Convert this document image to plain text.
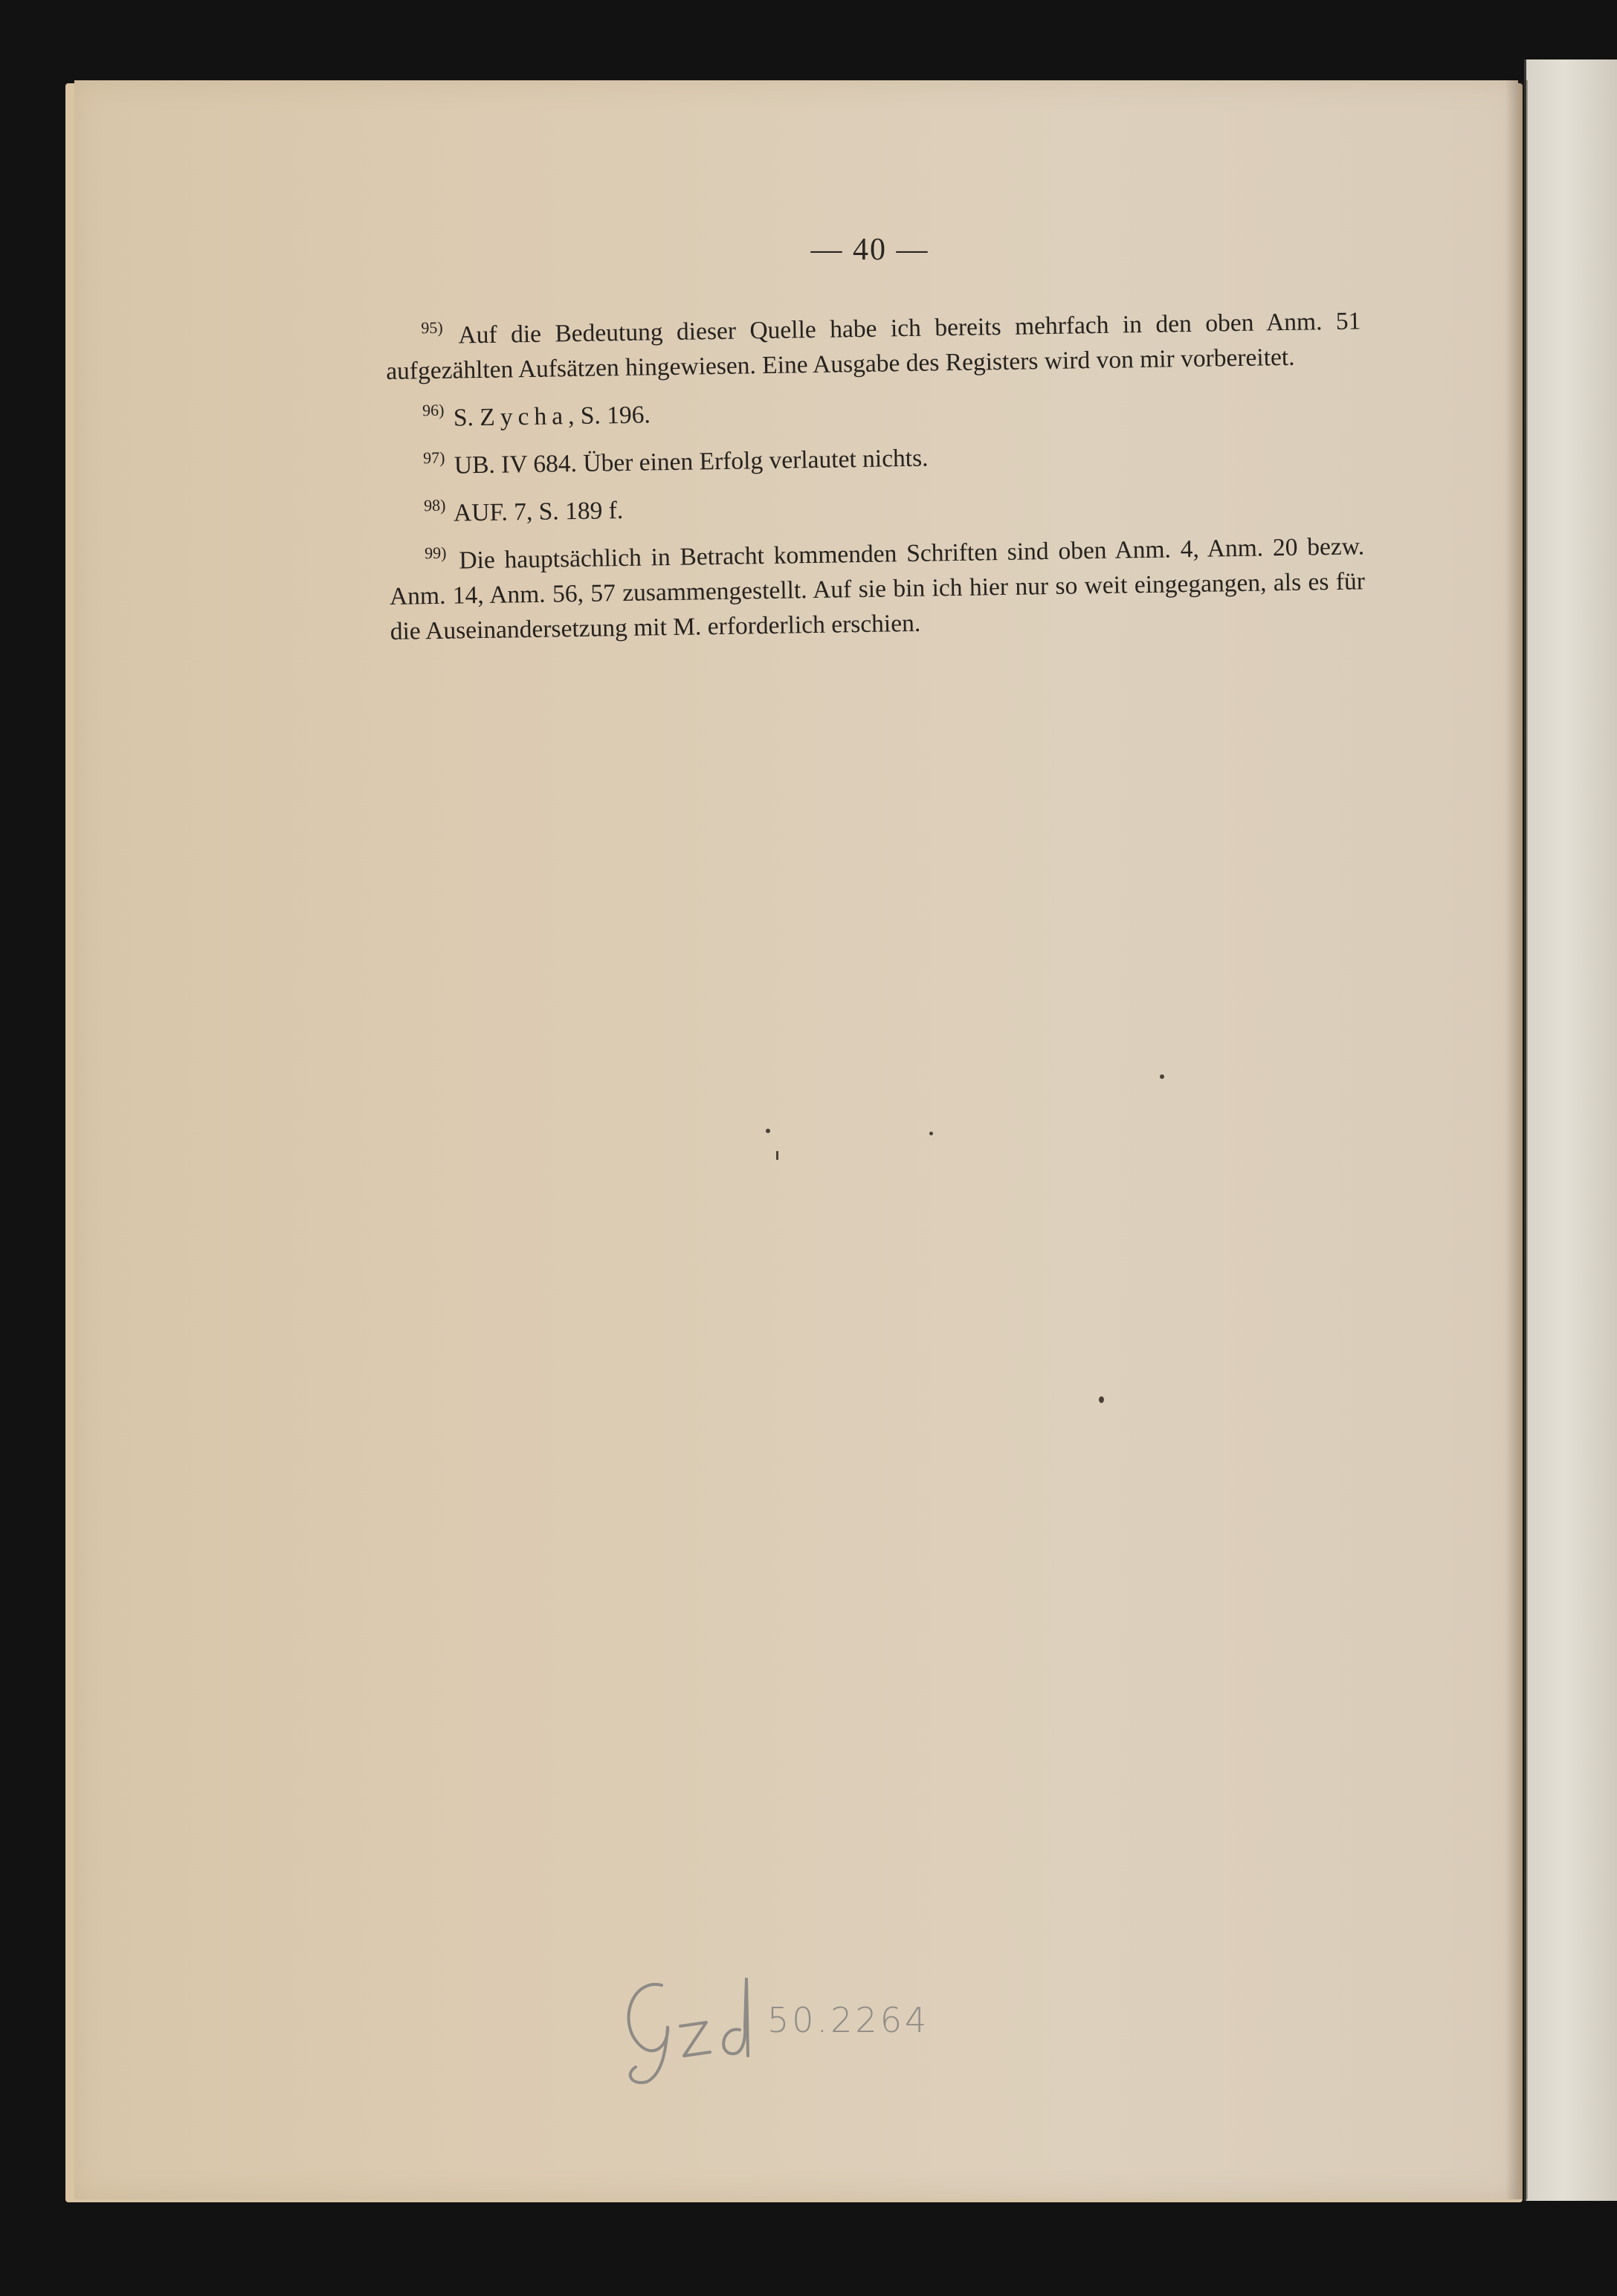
— 40 —

$^{95)}$ Auf die Bedeutung dieser Quelle habe ich bereits mehrfach in den oben Anm. 51 aufgezählten Aufsätzen hingewiesen. Eine Ausgabe des Registers wird von mir vorbereitet.

$^{96)}$ S. Zycha, S. 196.

$^{97)}$ UB. IV 684. Über einen Erfolg verlautet nichts.

$^{98)}$ AUF. 7, S. 189 f.

$^{99)}$ Die hauptsächlich in Betracht kommenden Schriften sind oben Anm. 4, Anm. 20 bezw. Anm. 14, Anm. 56, 57 zusammengestellt. Auf sie bin ich hier nur so weit eingegangen, als es für die Auseinandersetzung mit M. erforderlich erschien.

50.2264
